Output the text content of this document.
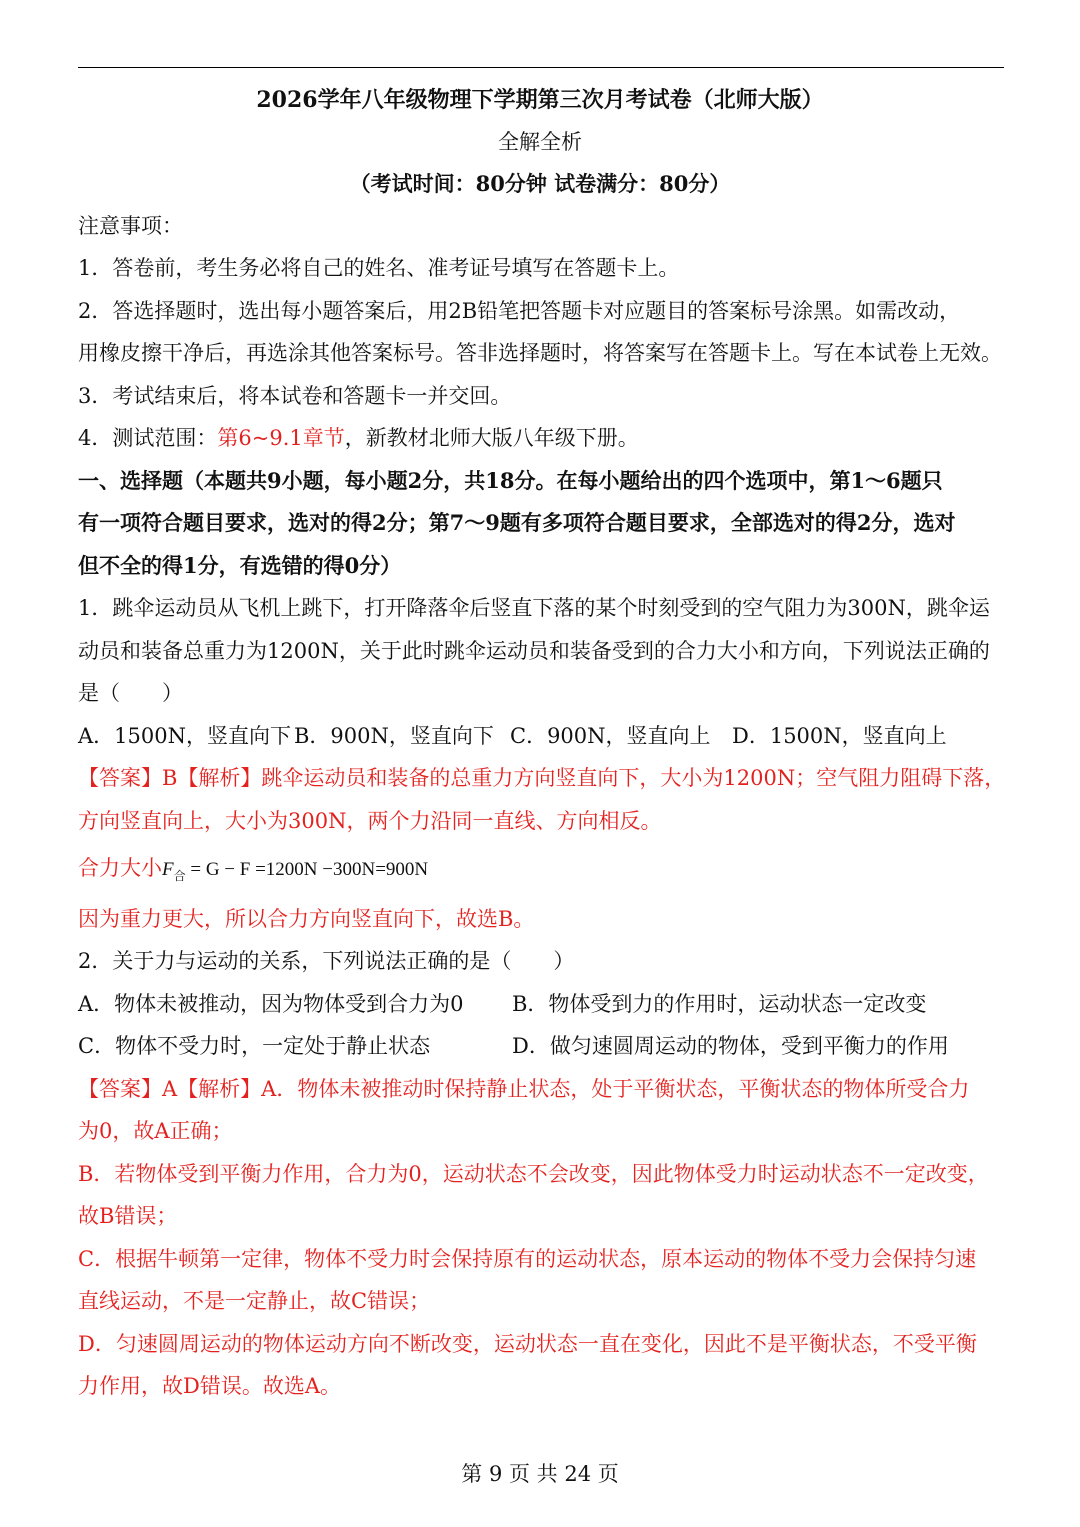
2026学年八年级物理下学期第三次月考试卷（北师大版）
全解全析
（考试时间：80分钟 试卷满分：80分）
注意事项：
1．答卷前，考生务必将自己的姓名、准考证号填写在答题卡上。
2．答选择题时，选出每小题答案后，用2B铅笔把答题卡对应题目的答案标号涂黑。如需改动，
用橡皮擦干净后，再选涂其他答案标号。答非选择题时，将答案写在答题卡上。写在本试卷上无效。
3．考试结束后，将本试卷和答题卡一并交回。
4．测试范围：第6~9.1章节，新教材北师大版八年级下册。
一、选择题（本题共9小题，每小题2分，共18分。在每小题给出的四个选项中，第1～6题只
有一项符合题目要求，选对的得2分；第7～9题有多项符合题目要求，全部选对的得2分，选对
但不全的得1分，有选错的得0分）
1．跳伞运动员从飞机上跳下，打开降落伞后竖直下落的某个时刻受到的空气阻力为300N，跳伞运
动员和装备总重力为1200N，关于此时跳伞运动员和装备受到的合力大小和方向，下列说法正确的
是（　　）
A．1500N，竖直向下 B．900N，竖直向下 C．900N，竖直向上 D．1500N，竖直向上
【答案】B【解析】跳伞运动员和装备的总重力方向竖直向下，大小为1200N；空气阻力阻碍下落，
方向竖直向上，大小为300N，两个力沿同一直线、方向相反。
合力大小$F_合 = G - F =1200N -300N=900N$
因为重力更大，所以合力方向竖直向下，故选B。
2．关于力与运动的关系，下列说法正确的是（　　）
A．物体未被推动，因为物体受到合力为0 B．物体受到力的作用时，运动状态一定改变
C．物体不受力时，一定处于静止状态	D．做匀速圆周运动的物体，受到平衡力的作用
【答案】A【解析】A．物体未被推动时保持静止状态，处于平衡状态，平衡状态的物体所受合力
为0，故A正确；
B．若物体受到平衡力作用，合力为0，运动状态不会改变，因此物体受力时运动状态不一定改变，
故B错误；
C．根据牛顿第一定律，物体不受力时会保持原有的运动状态，原本运动的物体不受力会保持匀速
直线运动，不是一定静止，故C错误；
D．匀速圆周运动的物体运动方向不断改变，运动状态一直在变化，因此不是平衡状态，不受平衡
力作用，故D错误。故选A。
第 9 页 共 24 页
